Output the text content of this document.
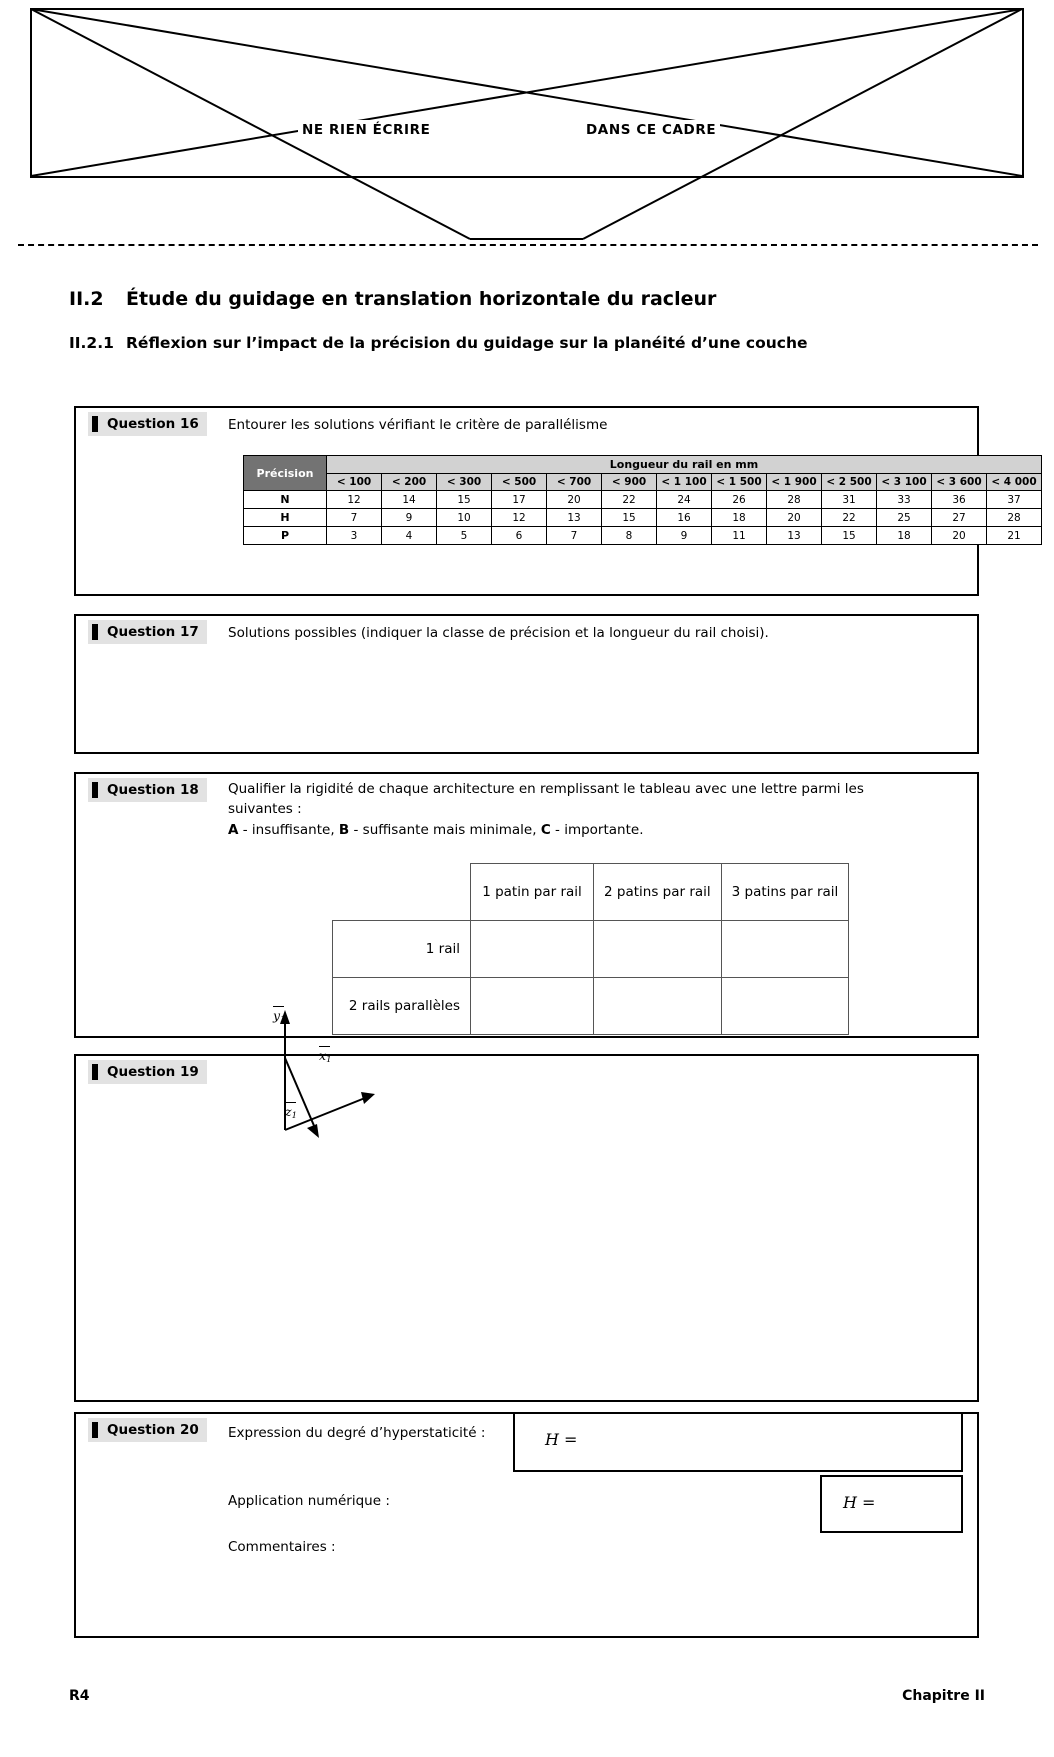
NE RIEN ÉCRIRE	DANS CE CADRE
II.2 Étude du guidage en translation horizontale du racleur
II.2.1 Réflexion sur l’impact de la précision du guidage sur la planéité d’une couche
Question 16 Entourer les solutions vérifiant le critère de parallélisme
Précision	Longueur du rail en mm												
	< 100	< 200	< 300	< 500	< 700	< 900	< 1 100	< 1 500	< 1 900	< 2 500	< 3 100	< 3 600	< 4 000
N	12	14	15	17	20	22	24	26	28	31	33	36	37
H	7	9	10	12	13	15	16	18	20	22	25	27	28
P	3	4	5	6	7	8	9	11	13	15	18	20	21
Question 17 Solutions possibles (indiquer la classe de précision et la longueur du rail choisi).
Question 18 Qualifier la rigidité de chaque architecture en remplissant le tableau avec une lettre parmi les
suivantes :
A - insuffisante, B - suffisante mais minimale, C - importante.
	1 patin par rail	2 patins par rail	3 patins par rail
1 rail			
2 rails parallèles			
Question 19
$y_1$
$x_1$
$z_1$
Question 20 Expression du degré d’hyperstaticité :	H =
Application numérique :	H =
Commentaires :
R4	Chapitre II
